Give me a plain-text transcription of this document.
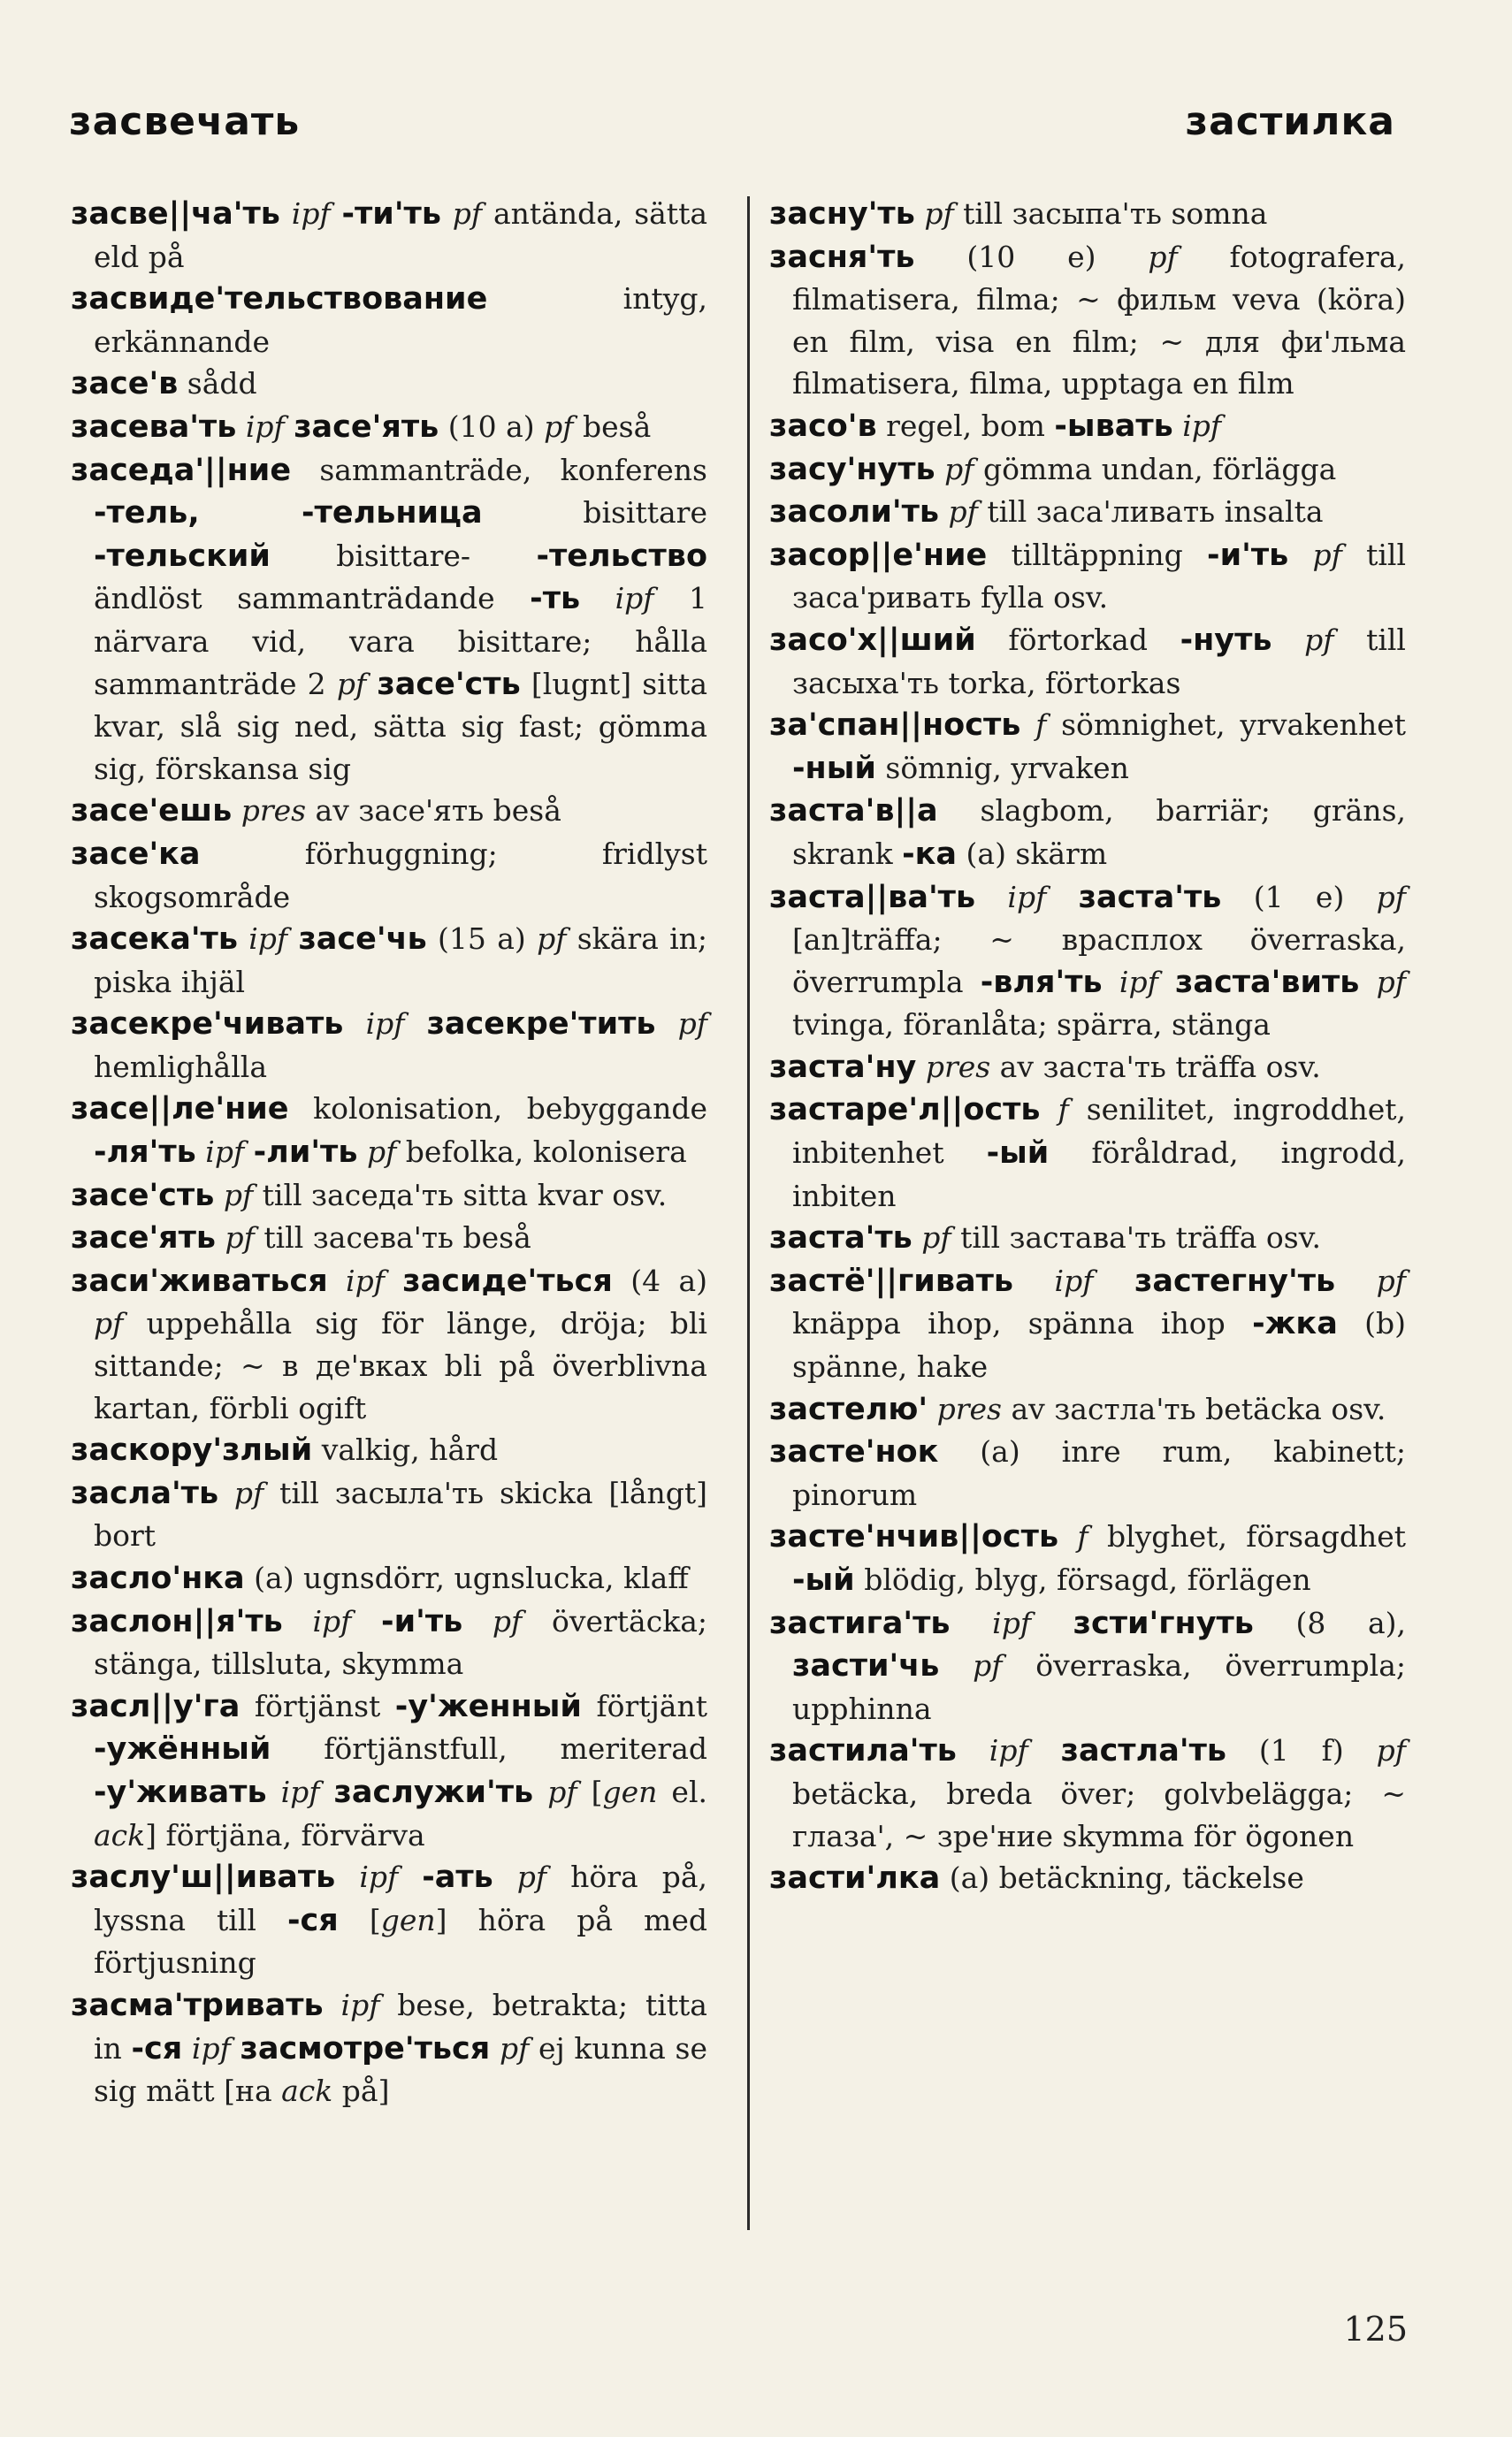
засвечать	застилка

засве||ча'ть ipf -ти'ть pf antända, sätta eld på

засвиде'тельствование intyg, erkännande

засе'в sådd

засева'ть ipf засе'ять (10 a) pf beså

заседа'||ние sammanträde, konferens -тель, -тельница bisittare -тельский bisittare- -тельство ändlöst sammanträdande -ть ipf 1 närvara vid, vara bisittare; hålla sammanträde 2 pf засе'сть [lugnt] sitta kvar, slå sig ned, sätta sig fast; gömma sig, förskansa sig

засе'ешь pres av засе'ять beså

засе'ка förhuggning; fridlyst skogsområde

засека'ть ipf засе'чь (15 a) pf skära in; piska ihjäl

засекре'чивать ipf засекре'тить pf hemlighålla

засе||ле'ние kolonisation, bebyggande -ля'ть ipf -ли'ть pf befolka, kolonisera

засе'сть pf till заседа'ть sitta kvar osv.

засе'ять pf till засева'ть beså

заси'живаться ipf засиде'ться (4 a) pf uppehålla sig för länge, dröja; bli sittande; ~ в де'вках bli på överblivna kartan, förbli ogift

заскору'злый valkig, hård

засла'ть pf till засыла'ть skicka [långt] bort

засло'нка (a) ugnsdörr, ugnslucka, klaff

заслон||я'ть ipf -и'ть pf övertäcka; stänga, tillsluta, skymma

засл||у'га förtjänst -у'женный förtjänt -ужённый förtjänstfull, meriterad -у'живать ipf заслужи'ть pf [gen el. ack] förtjäna, förvärva

заслу'ш||ивать ipf -ать pf höra på, lyssna till -ся [gen] höra på med förtjusning

засма'тривать ipf bese, betrakta; titta in -ся ipf засмотре'ться pf ej kunna se sig mätt [на ack på]

засну'ть pf till засыпа'ть somna

засня'ть (10 e) pf fotografera, filmatisera, filma; ~ фильм veva (köra) en film, visa en film; ~ для фи'льма filmatisera, filma, upptaga en film

засо'в regel, bom -ывать ipf

засу'нуть pf gömma undan, förlägga

засоли'ть pf till заса'ливать insalta

засор||е'ние tilltäppning -и'ть pf till заса'ривать fylla osv.

засо'х||ший förtorkad -нуть pf till засыха'ть torka, förtorkas

за'спан||ность f sömnighet, yrvakenhet -ный sömnig, yrvaken

заста'в||а slagbom, barriär; gräns, skrank -ка (a) skärm

заста||ва'ть ipf заста'ть (1 e) pf [an]träffa; ~ врасплох överraska, överrumpla -вля'ть ipf заста'вить pf tvinga, föranlåta; spärra, stänga

заста'ну pres av заста'ть träffa osv.

застаре'л||ость f senilitet, ingroddhet, inbitenhet -ый föråldrad, ingrodd, inbiten

заста'ть pf till застава'ть träffa osv.

застё'||гивать ipf застегну'ть pf knäppa ihop, spänna ihop -жка (b) spänne, hake

застелю' pres av застла'ть betäcka osv.

засте'нок (a) inre rum, kabinett; pinorum

засте'нчив||ость f blyghet, försagdhet -ый blödig, blyg, försagd, förlägen

застига'ть ipf зсти'гнуть (8 a), засти'чь pf överraska, överrumpla; upphinna

застила'ть ipf застла'ть (1 f) pf betäcka, breda över; golvbelägga; ~ глаза', ~ зре'ние skymma för ögonen

засти'лка (a) betäckning, täckelse

125
